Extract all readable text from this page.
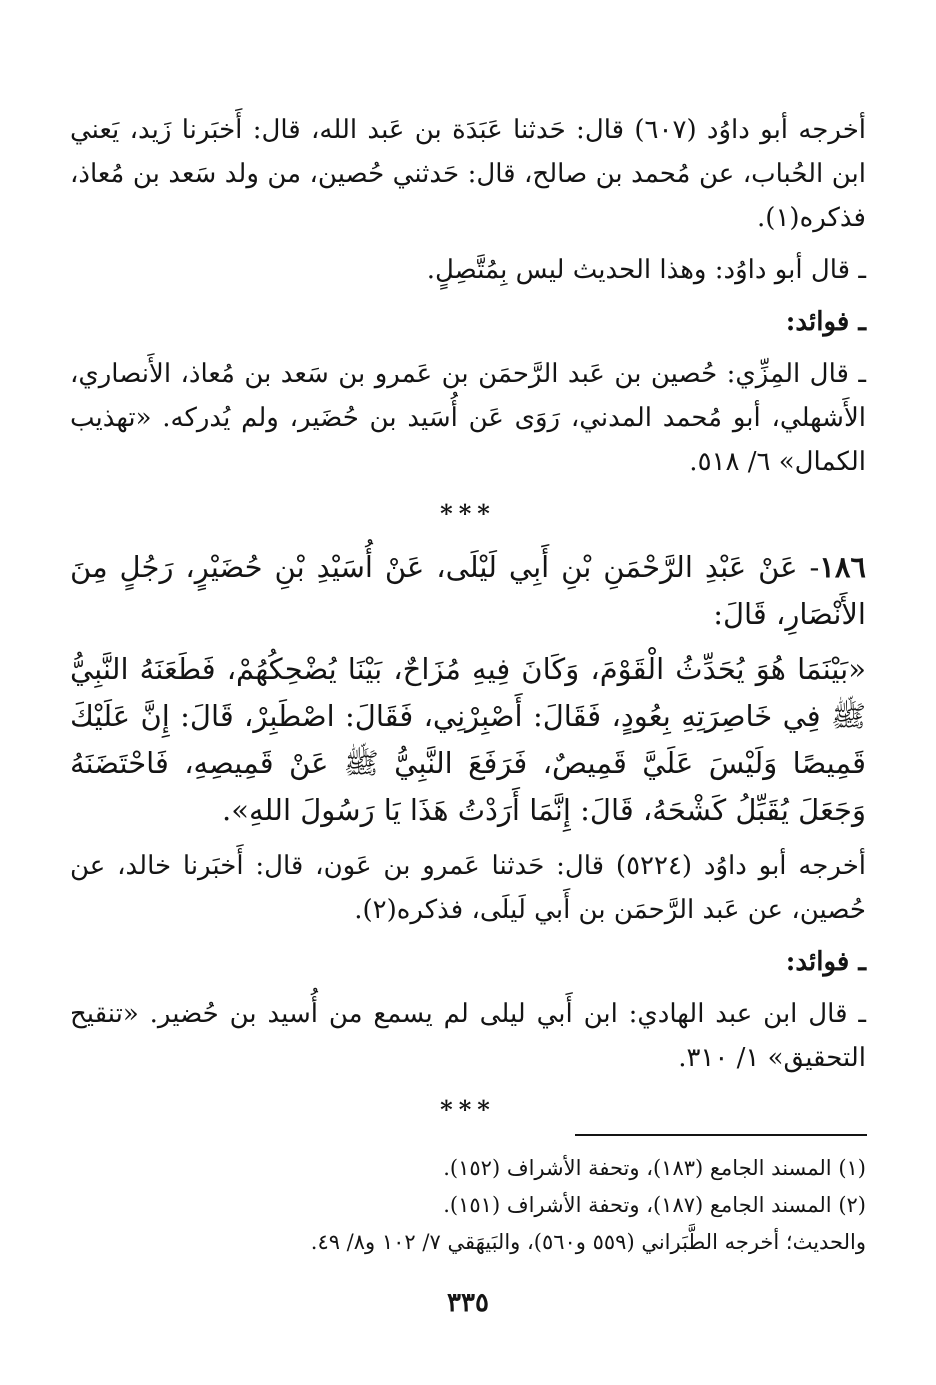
أخرجه أبو داوُد (٦٠٧) قال: حَدثنا عَبَدَة بن عَبد الله، قال: أَخبَرنا زَيد، يَعني ابن الحُباب، عن مُحمد بن صالح، قال: حَدثني حُصين، من ولد سَعد بن مُعاذ، فذكره(١).

ـ قال أبو داوُد: وهذا الحديث ليس بِمُتَّصِلٍ.

ـ فوائد:

ـ قال المِزِّي: حُصين بن عَبد الرَّحمَن بن عَمرو بن سَعد بن مُعاذ، الأَنصاري، الأَشهلي، أبو مُحمد المدني، رَوَى عَن أُسَيد بن حُضَير، ولم يُدركه. «تهذيب الكمال» ٦/ ٥١٨.

***

١٨٦- عَنْ عَبْدِ الرَّحْمَنِ بْنِ أَبِي لَيْلَى، عَنْ أُسَيْدِ بْنِ حُضَيْرٍ، رَجُلٍ مِنَ الأَنْصَارِ، قَالَ:

«بَيْنَمَا هُوَ يُحَدِّثُ الْقَوْمَ، وَكَانَ فِيهِ مُزَاحٌ، بَيْنَا يُضْحِكُهُمْ، فَطَعَنَهُ النَّبِيُّ ﷺ فِي خَاصِرَتِهِ بِعُودٍ، فَقَالَ: أَصْبِرْنِي، فَقَالَ: اصْطَبِرْ، قَالَ: إِنَّ عَلَيْكَ قَمِيصًا وَلَيْسَ عَلَيَّ قَمِيصٌ، فَرَفَعَ النَّبِيُّ ﷺ عَنْ قَمِيصِهِ، فَاحْتَضَنَهُ وَجَعَلَ يُقَبِّلُ كَشْحَهُ، قَالَ: إِنَّمَا أَرَدْتُ هَذَا يَا رَسُولَ اللهِ».

أخرجه أبو داوُد (٥٢٢٤) قال: حَدثنا عَمرو بن عَون، قال: أَخبَرنا خالد، عن حُصين، عن عَبد الرَّحمَن بن أَبي لَيلَى، فذكره(٢).

ـ فوائد:

ـ قال ابن عبد الهادي: ابن أَبي ليلى لم يسمع من أُسيد بن حُضير. «تنقيح التحقيق» ١/ ٣١٠.

***
(١) المسند الجامع (١٨٣)، وتحفة الأشراف (١٥٢).
(٢) المسند الجامع (١٨٧)، وتحفة الأشراف (١٥١).
والحديث؛ أخرجه الطَّبَراني (٥٥٩ و٥٦٠)، والبَيهَقي ٧/ ١٠٢ و٨/ ٤٩.
٣٣٥
